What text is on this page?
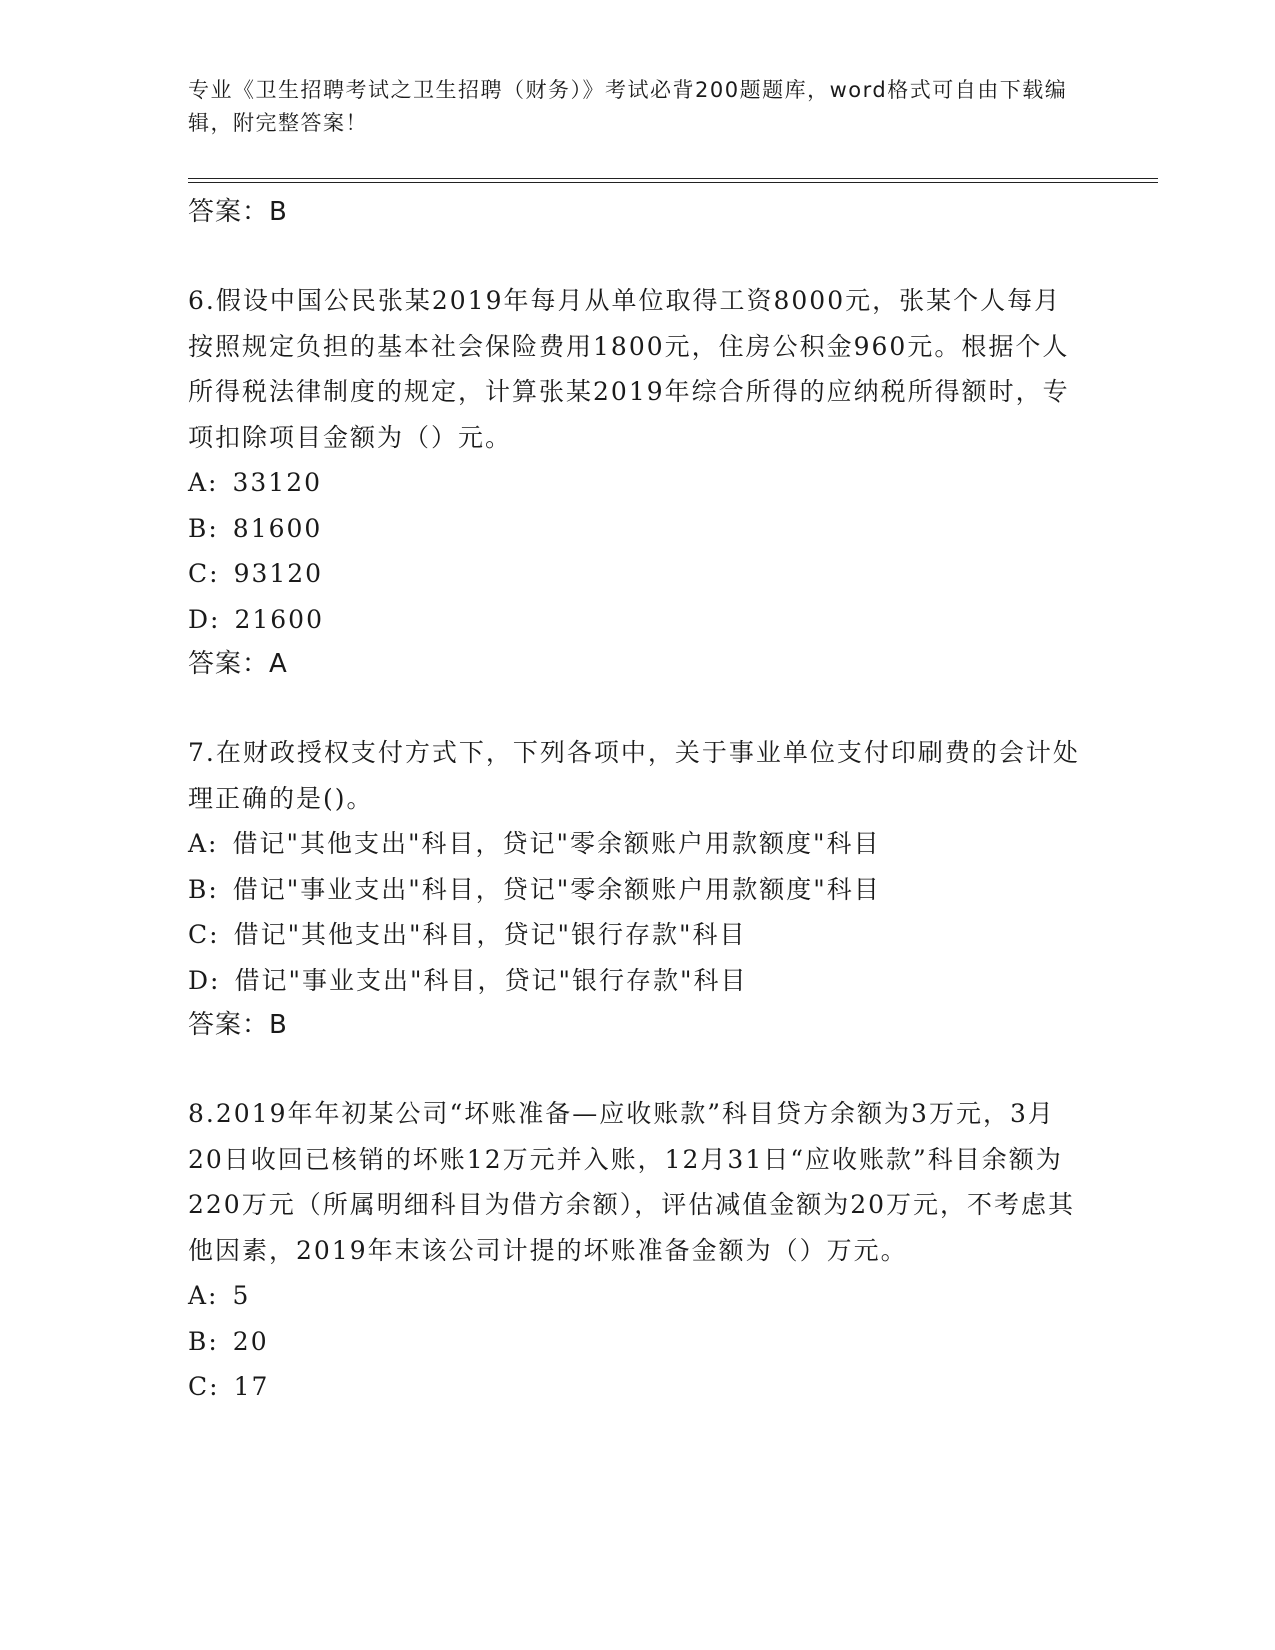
专业《卫生招聘考试之卫生招聘（财务）》考试必背200题题库，word格式可自由下载编辑，附完整答案！
答案：B
6.假设中国公民张某2019年每月从单位取得工资8000元，张某个人每月按照规定负担的基本社会保险费用1800元，住房公积金960元。根据个人所得税法律制度的规定，计算张某2019年综合所得的应纳税所得额时，专项扣除项目金额为（）元。
A: 33120
B: 81600
C: 93120
D: 21600
答案：A
7.在财政授权支付方式下，下列各项中，关于事业单位支付印刷费的会计处理正确的是()。
A: 借记"其他支出"科目，贷记"零余额账户用款额度"科目
B: 借记"事业支出"科目，贷记"零余额账户用款额度"科目
C: 借记"其他支出"科目，贷记"银行存款"科目
D: 借记"事业支出"科目，贷记"银行存款"科目
答案：B
8.2019年年初某公司“坏账准备—应收账款”科目贷方余额为3万元，3月20日收回已核销的坏账12万元并入账，12月31日“应收账款”科目余额为220万元（所属明细科目为借方余额），评估减值金额为20万元，不考虑其他因素，2019年末该公司计提的坏账准备金额为（）万元。
A: 5
B: 20
C: 17
